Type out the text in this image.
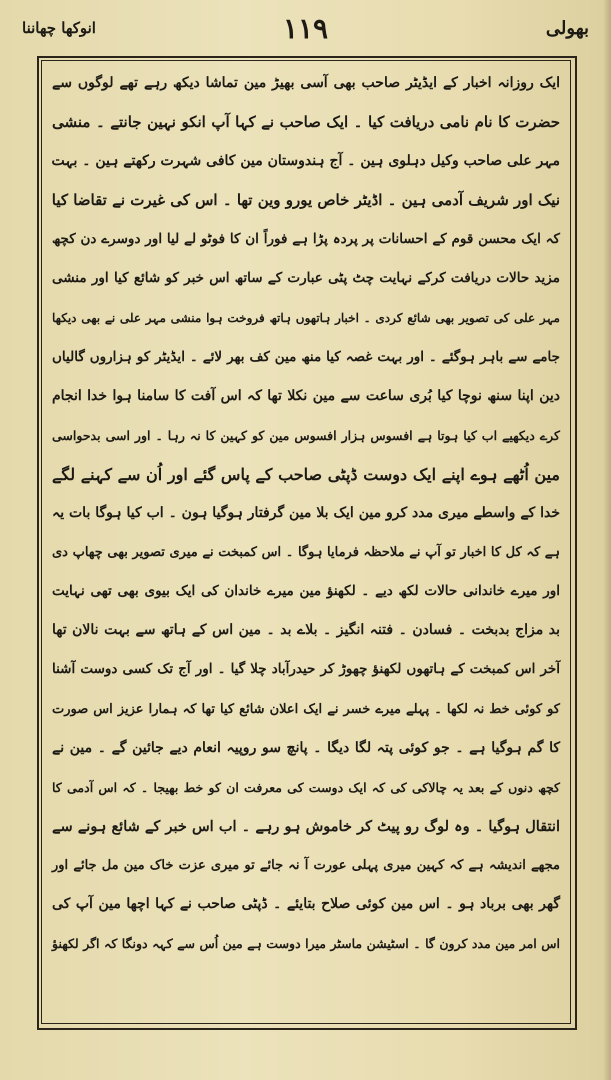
انوکھا چھاننا	۱۱۹	بھولی
ایک روزانہ اخبار کے ایڈیٹر صاحب بھی آسی بھیڑ مین تماشا دیکھ رہے تھے لوگوں سے
حضرت کا نام نامی دریافت کیا ۔ ایک صاحب نے کہا آپ انکو نہین جانتے ۔ منشی
مہر علی صاحب وکیل دہلوی ہین ۔ آج ہندوستان مین کافی شہرت رکھتے ہین ۔ بہت
نیک اور شریف آدمی ہین ۔ اڈیٹر خاص یورو وین تھا ۔ اس کی غیرت نے تقاضا کیا
کہ ایک محسن قوم کے احسانات پر پردہ پڑا ہے فوراً ان کا فوٹو لے لیا اور دوسرے دن کچھ
مزید حالات دریافت کرکے نہایت چٹ پٹی عبارت کے ساتھ اس خبر کو شائع کیا اور منشی
مہر علی کی تصویر بھی شائع کردی ۔ اخبار ہاتھوں ہاتھ فروخت ہوا منشی مہر علی نے بھی دیکھا
جامے سے باہر ہوگئے ۔ اور بہت غصہ کیا منھ مین کف بھر لائے ۔ ایڈیٹر کو ہزاروں گالیاں
دین اپنا سنھ نوچا کیا بُری ساعت سے مین نکلا تھا کہ اس آفت کا سامنا ہوا خدا انجام
کرے دیکھیے اب کیا ہوتا ہے افسوس ہزار افسوس مین کو کہین کا نہ رہا ۔ اور اسی بدحواسی
مین اُٹھے ہوے اپنے ایک دوست ڈپٹی صاحب کے پاس گئے اور اُن سے کہنے لگے
خدا کے واسطے میری مدد کرو مین ایک بلا مین گرفتار ہوگیا ہون ۔ اب کیا ہوگا بات یہ
ہے کہ کل کا اخبار تو آپ نے ملاحظہ فرمایا ہوگا ۔ اس کمبخت نے میری تصویر بھی چھاپ دی
اور میرے خاندانی حالات لکھ دیے ۔ لکھنؤ مین میرے خاندان کی ایک بیوی بھی تھی نہایت
بد مزاج بدبخت ۔ فسادن ۔ فتنہ انگیز ۔ بلاے بد ۔ مین اس کے ہاتھ سے بہت نالان تھا
آخر اس کمبخت کے ہاتھوں لکھنؤ چھوڑ کر حیدرآباد چلا گیا ۔ اور آج تک کسی دوست آشنا
کو کوئی خط نہ لکھا ۔ پہلے میرے خسر نے ایک اعلان شائع کیا تھا کہ ہمارا عزیز اس صورت
کا گم ہوگیا ہے ۔ جو کوئی پتہ لگا دیگا ۔ پانچ سو روپیہ انعام دیے جائین گے ۔ مین نے
کچھ دنوں کے بعد یہ چالاکی کی کہ ایک دوست کی معرفت ان کو خط بھیجا ۔ کہ اس آدمی کا
انتقال ہوگیا ۔ وہ لوگ رو پیٹ کر خاموش ہو رہے ۔ اب اس خبر کے شائع ہونے سے
مجھے اندیشہ ہے کہ کہین میری پہلی عورت آ نہ جائے تو میری عزت خاک مین مل جائے اور
گھر بھی برباد ہو ۔ اس مین کوئی صلاح بتایئے ۔ ڈپٹی صاحب نے کہا اچھا مین آپ کی
اس امر مین مدد کرون گا ۔ اسٹیشن ماسٹر میرا دوست ہے مین اُس سے کہہ دونگا کہ اگر لکھنؤ
